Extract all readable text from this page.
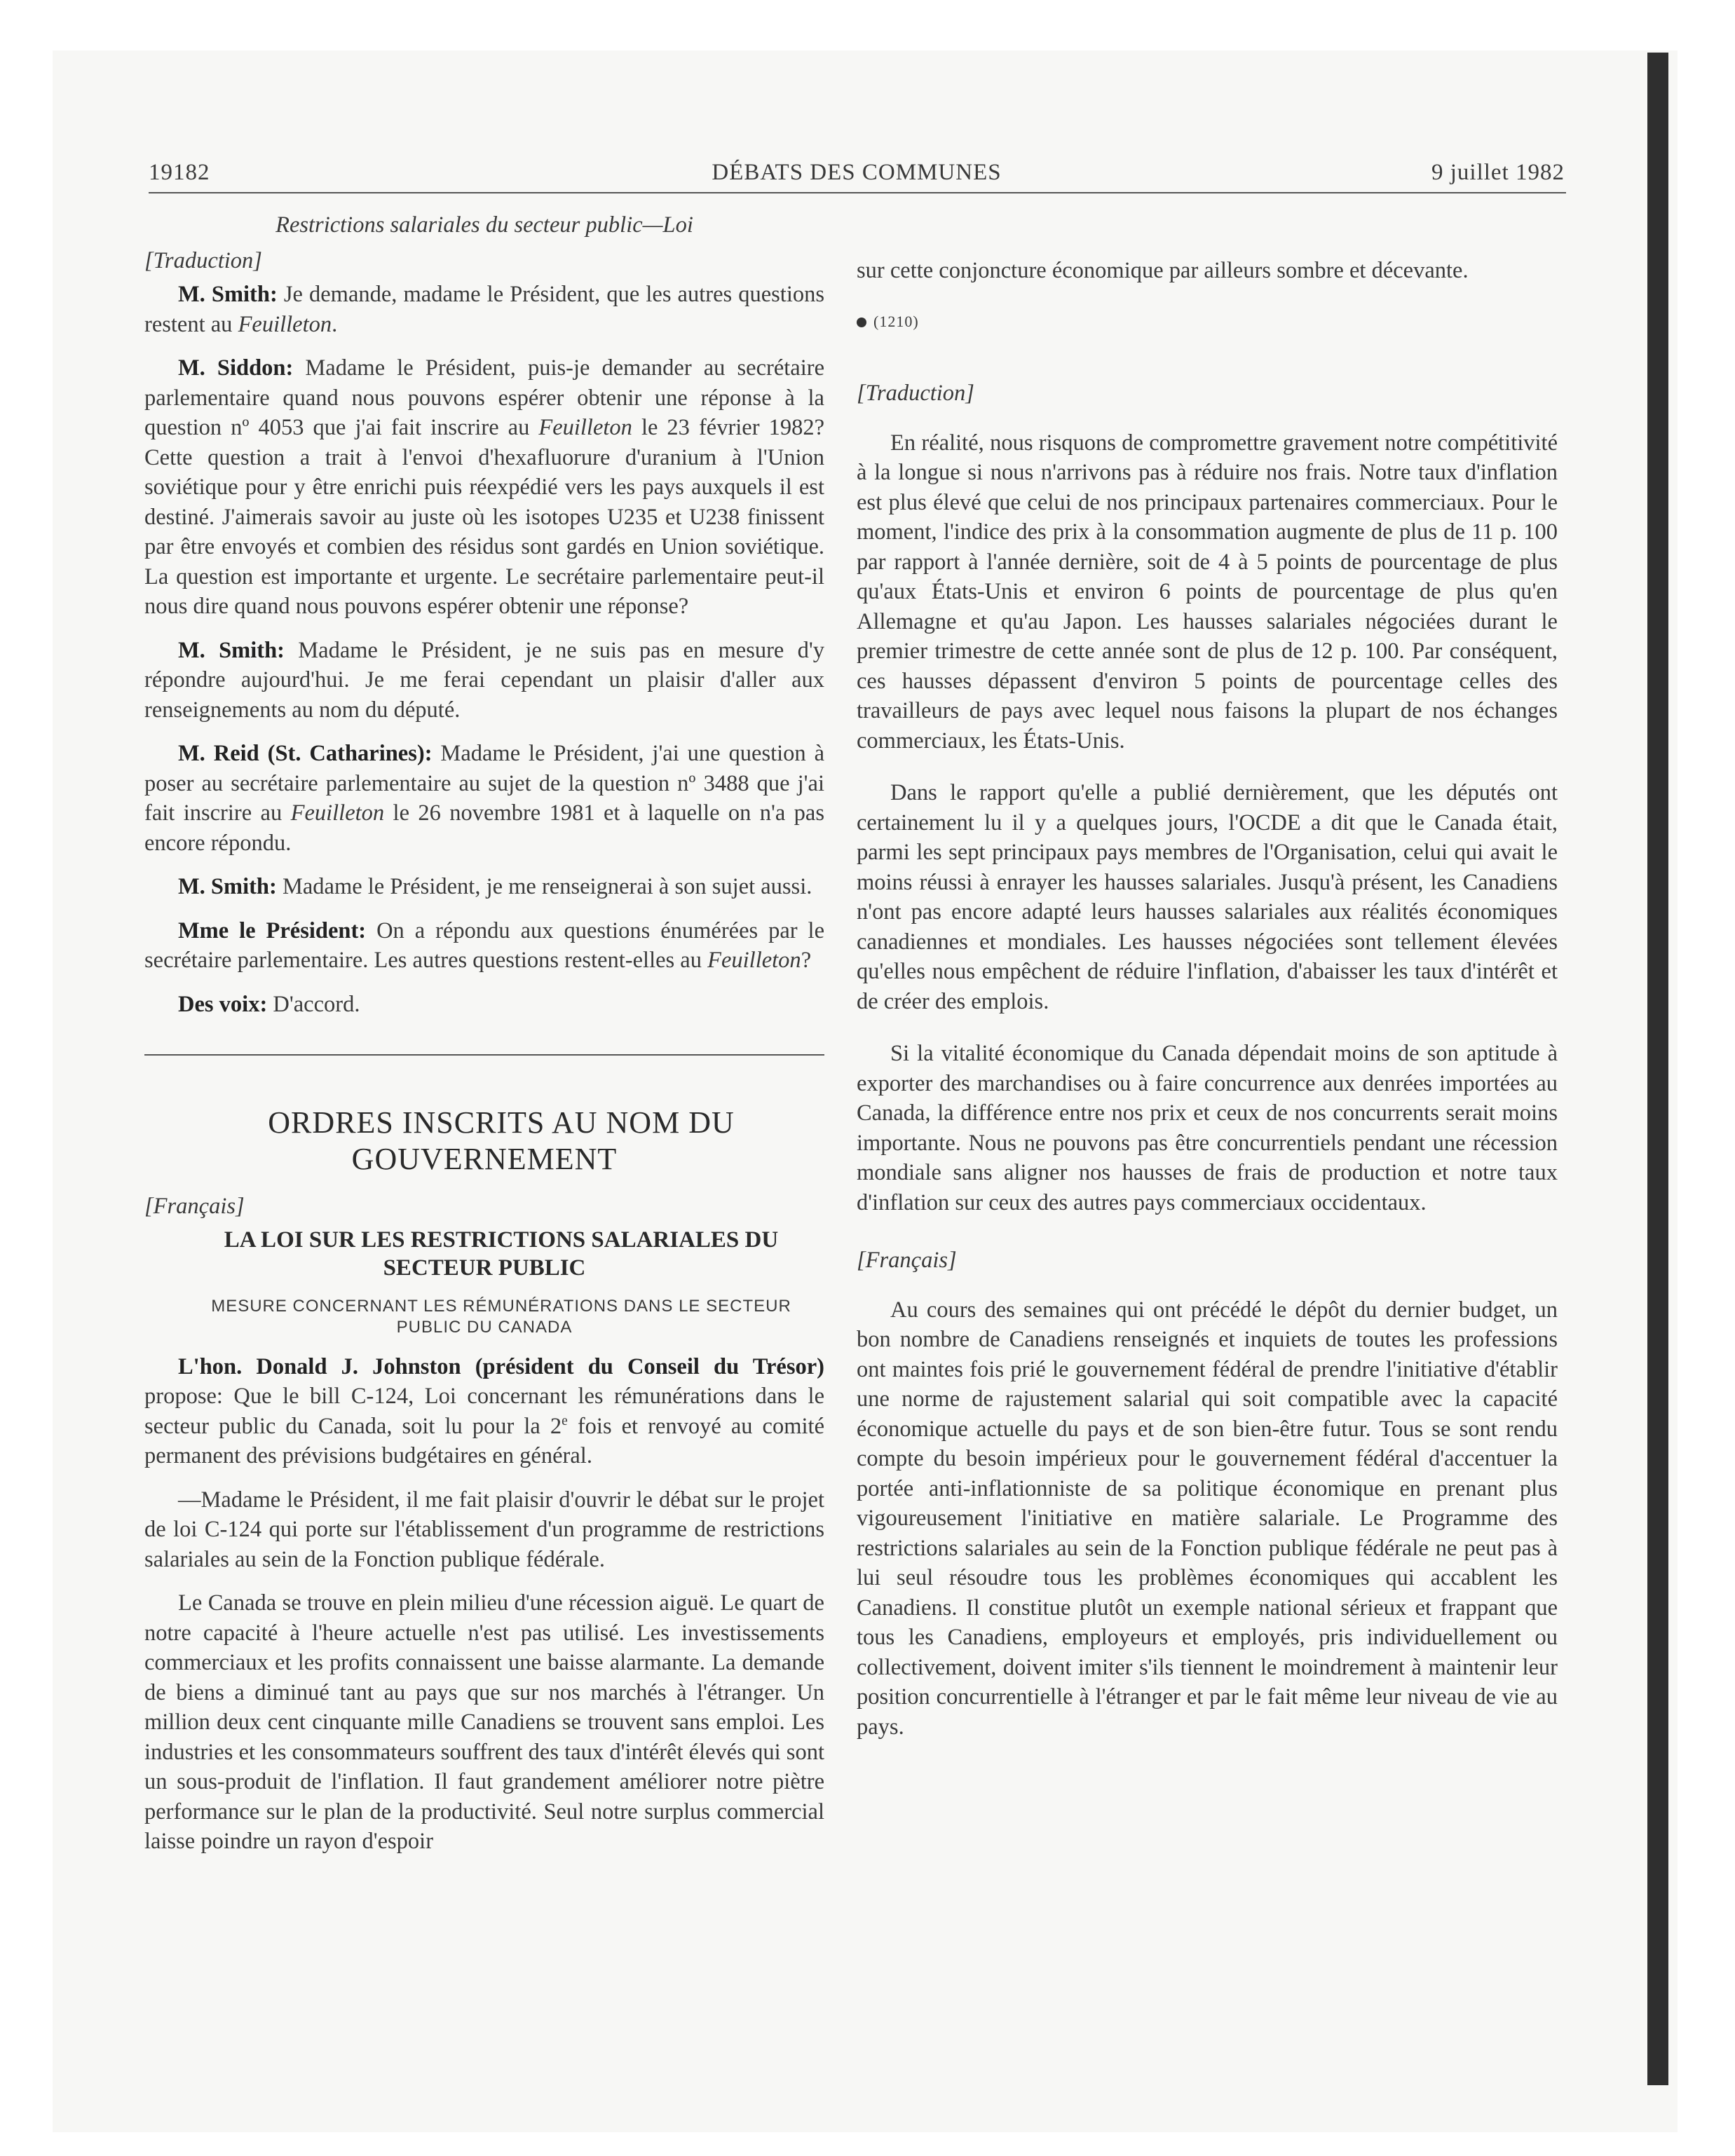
19182	DÉBATS DES COMMUNES	9 juillet 1982

Restrictions salariales du secteur public—Loi

[Traduction]

M. Smith: Je demande, madame le Président, que les autres questions restent au Feuilleton.

M. Siddon: Madame le Président, puis-je demander au secrétaire parlementaire quand nous pouvons espérer obtenir une réponse à la question nº 4053 que j'ai fait inscrire au Feuilleton le 23 février 1982? Cette question a trait à l'envoi d'hexafluorure d'uranium à l'Union soviétique pour y être enrichi puis réexpédié vers les pays auxquels il est destiné. J'aimerais savoir au juste où les isotopes U235 et U238 finissent par être envoyés et combien des résidus sont gardés en Union soviétique. La question est importante et urgente. Le secrétaire parlementaire peut-il nous dire quand nous pouvons espérer obtenir une réponse?

M. Smith: Madame le Président, je ne suis pas en mesure d'y répondre aujourd'hui. Je me ferai cependant un plaisir d'aller aux renseignements au nom du député.

M. Reid (St. Catharines): Madame le Président, j'ai une question à poser au secrétaire parlementaire au sujet de la question nº 3488 que j'ai fait inscrire au Feuilleton le 26 novembre 1981 et à laquelle on n'a pas encore répondu.

M. Smith: Madame le Président, je me renseignerai à son sujet aussi.

Mme le Président: On a répondu aux questions énumérées par le secrétaire parlementaire. Les autres questions restent-elles au Feuilleton?

Des voix: D'accord.

ORDRES INSCRITS AU NOM DU GOUVERNEMENT

[Français]

LA LOI SUR LES RESTRICTIONS SALARIALES DU SECTEUR PUBLIC

MESURE CONCERNANT LES RÉMUNÉRATIONS DANS LE SECTEUR PUBLIC DU CANADA

L'hon. Donald J. Johnston (président du Conseil du Trésor) propose: Que le bill C-124, Loi concernant les rémunérations dans le secteur public du Canada, soit lu pour la 2e fois et renvoyé au comité permanent des prévisions budgétaires en général.

—Madame le Président, il me fait plaisir d'ouvrir le débat sur le projet de loi C-124 qui porte sur l'établissement d'un programme de restrictions salariales au sein de la Fonction publique fédérale.

Le Canada se trouve en plein milieu d'une récession aiguë. Le quart de notre capacité à l'heure actuelle n'est pas utilisé. Les investissements commerciaux et les profits connaissent une baisse alarmante. La demande de biens a diminué tant au pays que sur nos marchés à l'étranger. Un million deux cent cinquante mille Canadiens se trouvent sans emploi. Les industries et les consommateurs souffrent des taux d'intérêt élevés qui sont un sous-produit de l'inflation. Il faut grandement améliorer notre piètre performance sur le plan de la productivité. Seul notre surplus commercial laisse poindre un rayon d'espoir

sur cette conjoncture économique par ailleurs sombre et décevante.

(1210)

[Traduction]

En réalité, nous risquons de compromettre gravement notre compétitivité à la longue si nous n'arrivons pas à réduire nos frais. Notre taux d'inflation est plus élevé que celui de nos principaux partenaires commerciaux. Pour le moment, l'indice des prix à la consommation augmente de plus de 11 p. 100 par rapport à l'année dernière, soit de 4 à 5 points de pourcentage de plus qu'aux États-Unis et environ 6 points de pourcentage de plus qu'en Allemagne et qu'au Japon. Les hausses salariales négociées durant le premier trimestre de cette année sont de plus de 12 p. 100. Par conséquent, ces hausses dépassent d'environ 5 points de pourcentage celles des travailleurs de pays avec lequel nous faisons la plupart de nos échanges commerciaux, les États-Unis.

Dans le rapport qu'elle a publié dernièrement, que les députés ont certainement lu il y a quelques jours, l'OCDE a dit que le Canada était, parmi les sept principaux pays membres de l'Organisation, celui qui avait le moins réussi à enrayer les hausses salariales. Jusqu'à présent, les Canadiens n'ont pas encore adapté leurs hausses salariales aux réalités économiques canadiennes et mondiales. Les hausses négociées sont tellement élevées qu'elles nous empêchent de réduire l'inflation, d'abaisser les taux d'intérêt et de créer des emplois.

Si la vitalité économique du Canada dépendait moins de son aptitude à exporter des marchandises ou à faire concurrence aux denrées importées au Canada, la différence entre nos prix et ceux de nos concurrents serait moins importante. Nous ne pouvons pas être concurrentiels pendant une récession mondiale sans aligner nos hausses de frais de production et notre taux d'inflation sur ceux des autres pays commerciaux occidentaux.

[Français]

Au cours des semaines qui ont précédé le dépôt du dernier budget, un bon nombre de Canadiens renseignés et inquiets de toutes les professions ont maintes fois prié le gouvernement fédéral de prendre l'initiative d'établir une norme de rajustement salarial qui soit compatible avec la capacité économique actuelle du pays et de son bien-être futur. Tous se sont rendu compte du besoin impérieux pour le gouvernement fédéral d'accentuer la portée anti-inflationniste de sa politique économique en prenant plus vigoureusement l'initiative en matière salariale. Le Programme des restrictions salariales au sein de la Fonction publique fédérale ne peut pas à lui seul résoudre tous les problèmes économiques qui accablent les Canadiens. Il constitue plutôt un exemple national sérieux et frappant que tous les Canadiens, employeurs et employés, pris individuellement ou collectivement, doivent imiter s'ils tiennent le moindrement à maintenir leur position concurrentielle à l'étranger et par le fait même leur niveau de vie au pays.
